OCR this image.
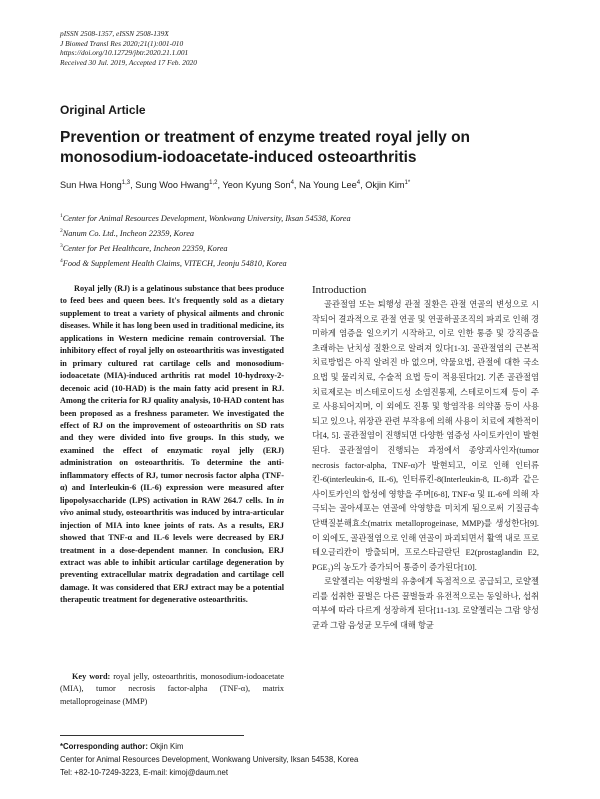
pISSN 2508-1357, eISSN 2508-139X
J Biomed Transl Res 2020;21(1):001-010
https://doi.org/10.12729/jbtr.2020.21.1.001
Received 30 Jul. 2019, Accepted 17 Feb. 2020
Original Article
Prevention or treatment of enzyme treated royal jelly on monosodium-iodoacetate-induced osteoarthritis
Sun Hwa Hong$^{1,3}$, Sung Woo Hwang$^{1,2}$, Yeon Kyung Son$^4$, Na Young Lee$^4$, Okjin Kim$^{1*}$
$^1$Center for Animal Resources Development, Wonkwang University, Iksan 54538, Korea
$^2$Nanum Co. Ltd., Incheon 22359, Korea
$^3$Center for Pet Healthcare, Incheon 22359, Korea
$^4$Food & Supplement Health Claims, VITECH, Jeonju 54810, Korea

Royal jelly (RJ) is a gelatinous substance that bees produce to feed bees and queen bees. It's frequently sold as a dietary supplement to treat a variety of physical ailments and chronic diseases. While it has long been used in traditional medicine, its applications in Western medicine remain controversial. The inhibitory effect of royal jelly on osteoarthritis was investigated in primary cultured rat cartilage cells and monosodium-iodoacetate (MIA)-induced arthritis rat model 10-hydroxy-2-decenoic acid (10-HAD) is the main fatty acid present in RJ. Among the criteria for RJ quality analysis, 10-HAD content has been proposed as a freshness parameter. We investigated the effect of RJ on the improvement of osteoarthritis on SD rats and they were divided into five groups. In this study, we examined the effect of enzymatic royal jelly (ERJ) administration on osteoarthritis. To determine the anti-inflammatory effects of RJ, tumor necrosis factor alpha (TNF-α) and Interleukin-6 (IL-6) expression were measured after lipopolysaccharide (LPS) activation in RAW 264.7 cells. In in vivo animal study, osteoarthritis was induced by intra-articular injection of MIA into knee joints of rats. As a results, ERJ showed that TNF-α and IL-6 levels were decreased by ERJ treatment in a dose-dependent manner. In conclusion, ERJ extract was able to inhibit articular cartilage degeneration by preventing extracellular matrix degradation and cartilage cell damage. It was considered that ERJ extract may be a potential therapeutic treatment for degenerative osteoarthritis.

Key word: royal jelly, osteoarthritis, monosodium-iodoacetate (MIA), tumor necrosis factor-alpha (TNF-α), matrix metalloprogeinase (MMP)

Introduction

골관절염 또는 퇴행성 관절 질환은 관절 연골의 변성으로 시작되어 결과적으로 관절 연골 및 연골하골조직의 파괴로 인해 경미하게 염증을 일으키기 시작하고, 이로 인한 통증 및 강직증을 초래하는 난치성 질환으로 알려져 있다[1-3]. 골관절염의 근본적 치료방법은 아직 알려진 바 없으며, 약물요법, 관절에 대한 국소요법 및 물리치료, 수술적 요법 등이 적용된다[2]. 기존 골관절염 치료제로는 비스테로이드성 소염진통제, 스테로이드제 등이 주로 사용되어지며, 이 외에도 진통 및 항염작용 의약품 등이 사용되고 있으나, 위장관 관련 부작용에 의해 사용이 치료에 제한적이다[4, 5]. 골관절염이 진행되면 다양한 염증성 사이토카인이 발현된다. 골관절염이 진행되는 과정에서 종양괴사인자(tumor necrosis factor-alpha, TNF-α)가 발현되고, 이로 인해 인터류킨-6(interleukin-6, IL-6), 인터류킨-8(Interleukin-8, IL-8)과 같은 사이토카인의 합성에 영향을 주며[6-8], TNF-α 및 IL-6에 의해 자극되는 골아세포는 연골에 악영향을 미치게 됨으로써 기질금속단백질분해효소(matrix metalloprogeinase, MMP)를 생성한다[9]. 이 외에도, 골관절염으로 인해 연골이 파괴되면서 활액 내로 프로테오글리칸이 방출되며, 프로스타글란딘 E2(prostaglandin E2, PGE₂)의 농도가 증가되어 통증이 증가된다[10].

로얄젤리는 여왕벌의 유충에게 독점적으로 공급되고, 로얄젤리를 섭취한 꿀벌은 다른 꿀벌들과 유전적으로는 동일하나, 섭취 여부에 따라 다르게 성장하게 된다[11-13]. 로얄젤리는 그람 양성균과 그람 음성균 모두에 대해 항균

*Corresponding author: Okjin Kim
Center for Animal Resources Development, Wonkwang University, Iksan 54538, Korea
Tel: +82-10-7249-3223, E-mail: kimoj@daum.net
